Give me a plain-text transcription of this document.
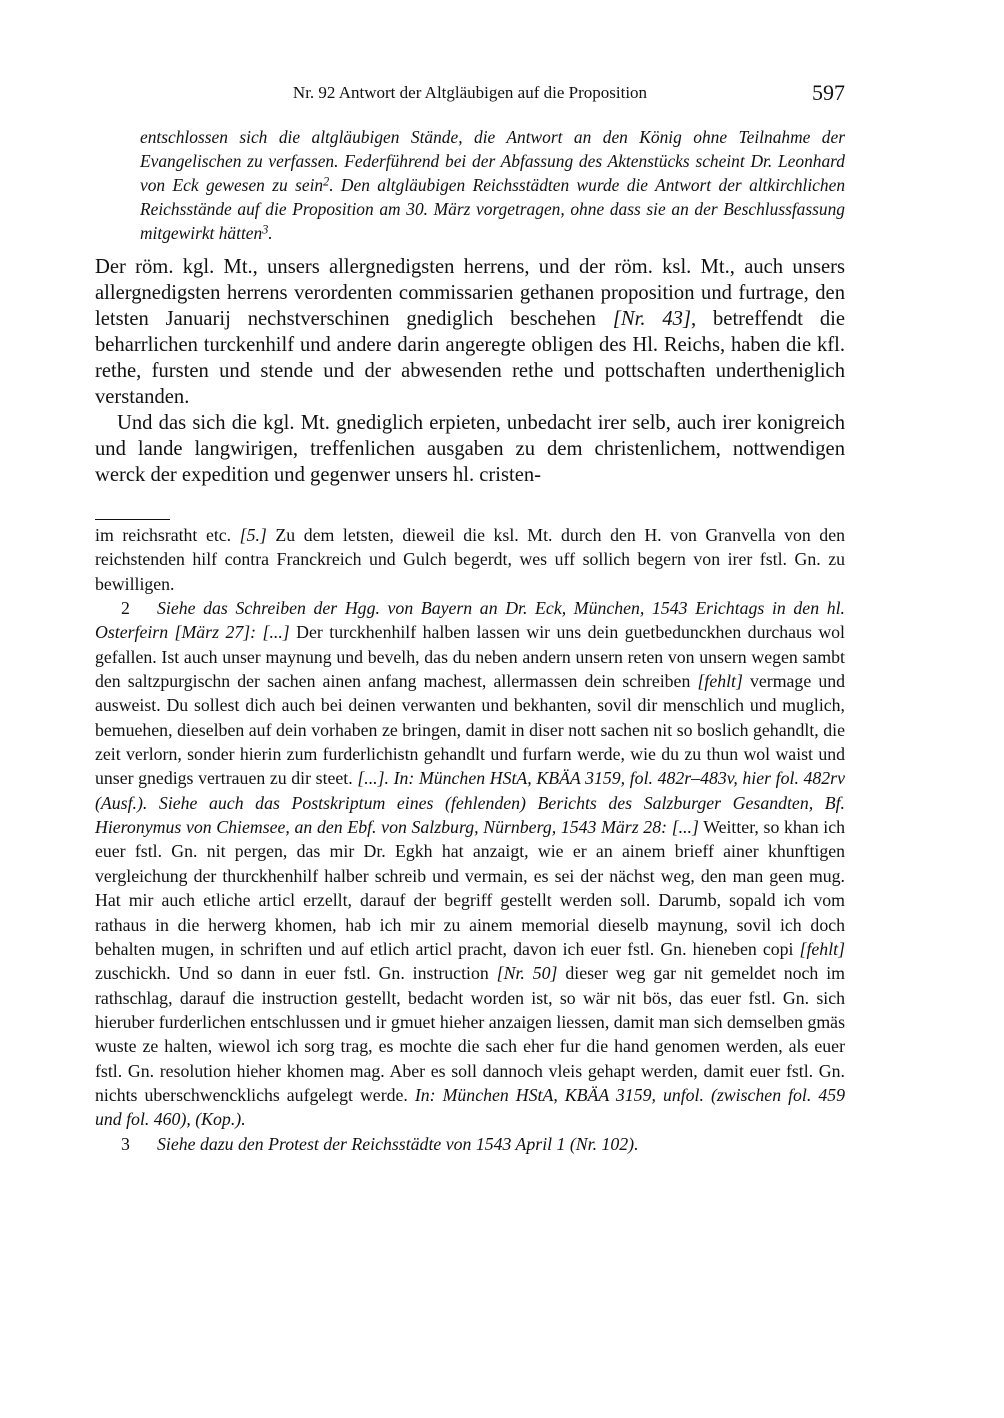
Nr. 92 Antwort der Altgläubigen auf die Proposition	597

entschlossen sich die altgläubigen Stände, die Antwort an den König ohne Teilnahme der Evangelischen zu verfassen. Federführend bei der Abfassung des Aktenstücks scheint Dr. Leonhard von Eck gewesen zu sein$^2$. Den altgläubigen Reichsstädten wurde die Antwort der altkirchlichen Reichsstände auf die Proposition am 30. März vorgetragen, ohne dass sie an der Beschlussfassung mitgewirkt hätten$^3$.

Der röm. kgl. Mt., unsers allergnedigsten herrens, und der röm. ksl. Mt., auch unsers allergnedigsten herrens verordenten commissarien gethanen proposition und furtrage, den letsten Januarij nechstverschinen gnediglich beschehen [Nr. 43], betreffendt die beharrlichen turckenhilf und andere darin angeregte obligen des Hl. Reichs, haben die kfl. rethe, fursten und stende und der abwesenden rethe und pottschaften undertheniglich verstanden.

Und das sich die kgl. Mt. gnediglich erpieten, unbedacht irer selb, auch irer konigreich und lande langwirigen, treffenlichen ausgaben zu dem christenlichem, nottwendigen werck der expedition und gegenwer unsers hl. cristen-

im reichsratht etc. [5.] Zu dem letsten, dieweil die ksl. Mt. durch den H. von Granvella von den reichstenden hilf contra Franckreich und Gulch begerdt, wes uff sollich begern von irer fstl. Gn. zu bewilligen.

2 Siehe das Schreiben der Hgg. von Bayern an Dr. Eck, München, 1543 Erichtags in den hl. Osterfeirn [März 27]: [...] Der turckhenhilf halben lassen wir uns dein guetbedunckhen durchaus wol gefallen. Ist auch unser maynung und bevelh, das du neben andern unsern reten von unsern wegen sambt den saltzpurgischn der sachen ainen anfang machest, allermassen dein schreiben [fehlt] vermage und ausweist. Du sollest dich auch bei deinen verwanten und bekhanten, sovil dir menschlich und muglich, bemuehen, dieselben auf dein vorhaben ze bringen, damit in diser nott sachen nit so boslich gehandlt, die zeit verlorn, sonder hierin zum furderlichistn gehandlt und furfarn werde, wie du zu thun wol waist und unser gnedigs vertrauen zu dir steet. [...]. In: München HStA, KBÄA 3159, fol. 482r–483v, hier fol. 482rv (Ausf.). Siehe auch das Postskriptum eines (fehlenden) Berichts des Salzburger Gesandten, Bf. Hieronymus von Chiemsee, an den Ebf. von Salzburg, Nürnberg, 1543 März 28: [...] Weitter, so khan ich euer fstl. Gn. nit pergen, das mir Dr. Egkh hat anzaigt, wie er an ainem brieff ainer khunftigen vergleichung der thurckhenhilf halber schreib und vermain, es sei der nächst weg, den man geen mug. Hat mir auch etliche articl erzellt, darauf der begriff gestellt werden soll. Darumb, sopald ich vom rathaus in die herwerg khomen, hab ich mir zu ainem memorial dieselb maynung, sovil ich doch behalten mugen, in schriften und auf etlich articl pracht, davon ich euer fstl. Gn. hieneben copi [fehlt] zuschickh. Und so dann in euer fstl. Gn. instruction [Nr. 50] dieser weg gar nit gemeldet noch im rathschlag, darauf die instruction gestellt, bedacht worden ist, so wär nit bös, das euer fstl. Gn. sich hieruber furderlichen entschlussen und ir gmuet hieher anzaigen liessen, damit man sich demselben gmäs wuste ze halten, wiewol ich sorg trag, es mochte die sach eher fur die hand genomen werden, als euer fstl. Gn. resolution hieher khomen mag. Aber es soll dannoch vleis gehapt werden, damit euer fstl. Gn. nichts uberschwencklichs aufgelegt werde. In: München HStA, KBÄA 3159, unfol. (zwischen fol. 459 und fol. 460), (Kop.).

3 Siehe dazu den Protest der Reichsstädte von 1543 April 1 (Nr. 102).
